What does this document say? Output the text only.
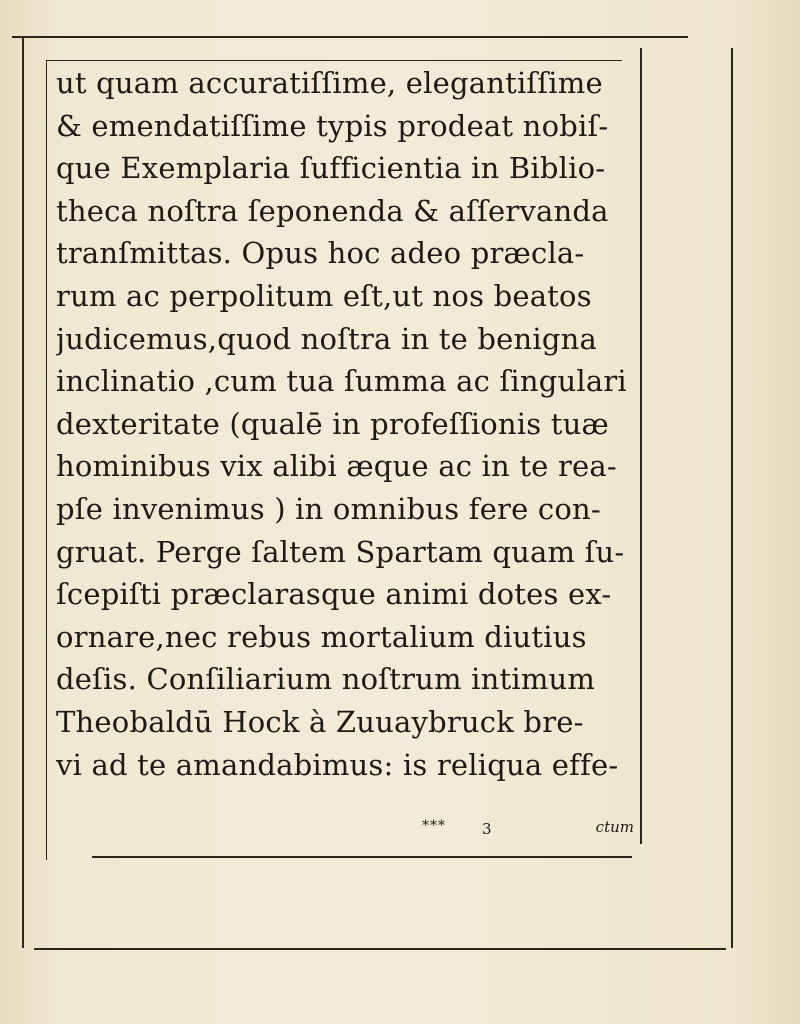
ut quam accuratiſſime, elegantiſſime
& emendatiſſime typis prodeat nobiſ-
que Exemplaria ſufficientia in Biblio-
theca noſtra ſeponenda & aſſervanda
tranſmittas. Opus hoc adeo præcla-
rum ac perpolitum eſt,ut nos beatos
judicemus,quod noſtra in te benigna
inclinatio ,cum tua ſumma ac ſingulari
dexteritate (qualē in profeſſionis tuæ
hominibus vix alibi æque ac in te rea-
pſe invenimus ) in omnibus fere con-
gruat. Perge ſaltem Spartam quam ſu-
ſcepiſti præclarasque animi dotes ex-
ornare,nec rebus mortalium diutius
deſis. Conſiliarium noſtrum intimum
Theobaldū Hock à Zuuaybruck bre-
vi ad te amandabimus: is reliqua effe-
*** 3	ctum
